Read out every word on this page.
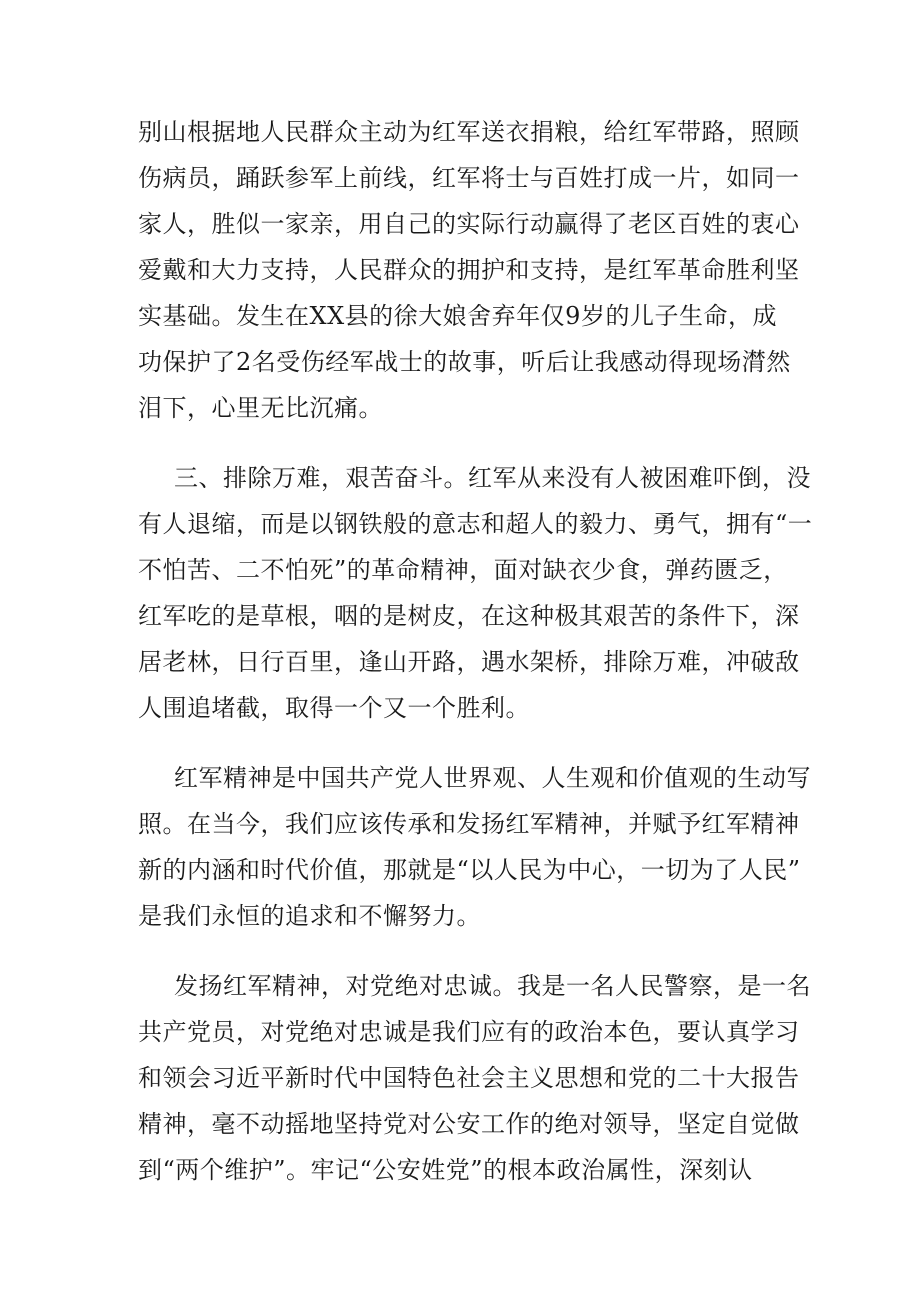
别山根据地人民群众主动为红军送衣捐粮，给红军带路，照顾
伤病员，踊跃参军上前线，红军将士与百姓打成一片，如同一
家人，胜似一家亲，用自己的实际行动赢得了老区百姓的衷心
爱戴和大力支持，人民群众的拥护和支持，是红军革命胜利坚
实基础。发生在XX县的徐大娘舍弃年仅9岁的儿子生命，成
功保护了2名受伤经军战士的故事，听后让我感动得现场潸然
泪下，心里无比沉痛。
三、排除万难，艰苦奋斗。红军从来没有人被困难吓倒，没
有人退缩，而是以钢铁般的意志和超人的毅力、勇气，拥有“一
不怕苦、二不怕死”的革命精神，面对缺衣少食，弹药匮乏，
红军吃的是草根，咽的是树皮，在这种极其艰苦的条件下，深
居老林，日行百里，逢山开路，遇水架桥，排除万难，冲破敌
人围追堵截，取得一个又一个胜利。
红军精神是中国共产党人世界观、人生观和价值观的生动写
照。在当今，我们应该传承和发扬红军精神，并赋予红军精神
新的内涵和时代价值，那就是“以人民为中心，一切为了人民”
是我们永恒的追求和不懈努力。
发扬红军精神，对党绝对忠诚。我是一名人民警察，是一名
共产党员，对党绝对忠诚是我们应有的政治本色，要认真学习
和领会习近平新时代中国特色社会主义思想和党的二十大报告
精神，毫不动摇地坚持党对公安工作的绝对领导，坚定自觉做
到“两个维护”。牢记“公安姓党”的根本政治属性，深刻认
